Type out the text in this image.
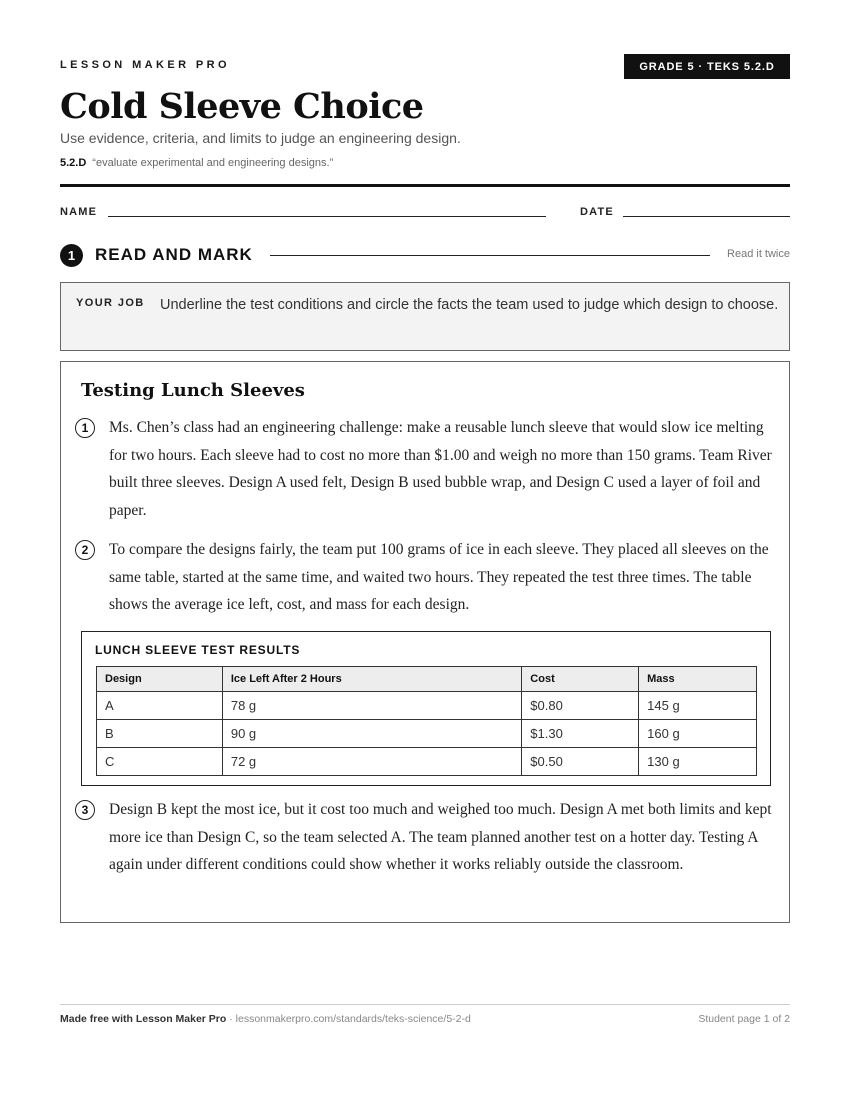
LESSON MAKER PRO	GRADE 5 · TEKS 5.2.D
Cold Sleeve Choice
Use evidence, criteria, and limits to judge an engineering design.
5.2.D “evaluate experimental and engineering designs.”
NAME	DATE
1	READ AND MARK	Read it twice
YOUR JOB Underline the test conditions and circle the facts the team used to judge which design to choose.
Testing Lunch Sleeves
1	Ms. Chen’s class had an engineering challenge: make a reusable lunch sleeve that would slow ice melting for two hours. Each sleeve had to cost no more than $1.00 and weigh no more than 150 grams. Team River built three sleeves. Design A used felt, Design B used bubble wrap, and Design C used a layer of foil and paper.

2	To compare the designs fairly, the team put 100 grams of ice in each sleeve. They placed all sleeves on the same table, started at the same time, and waited two hours. They repeated the test three times. The table shows the average ice left, cost, and mass for each design.

LUNCH SLEEVE TEST RESULTS
Design	Ice Left After 2 Hours	Cost	Mass
A	78 g	$0.80	145 g
B	90 g	$1.30	160 g
C	72 g	$0.50	130 g
3	Design B kept the most ice, but it cost too much and weighed too much. Design A met both limits and kept more ice than Design C, so the team selected A. The team planned another test on a hotter day. Testing A again under different conditions could show whether it works reliably outside the classroom.

Made free with Lesson Maker Pro · lessonmakerpro.com/standards/teks-science/5-2-d	Student page 1 of 2
